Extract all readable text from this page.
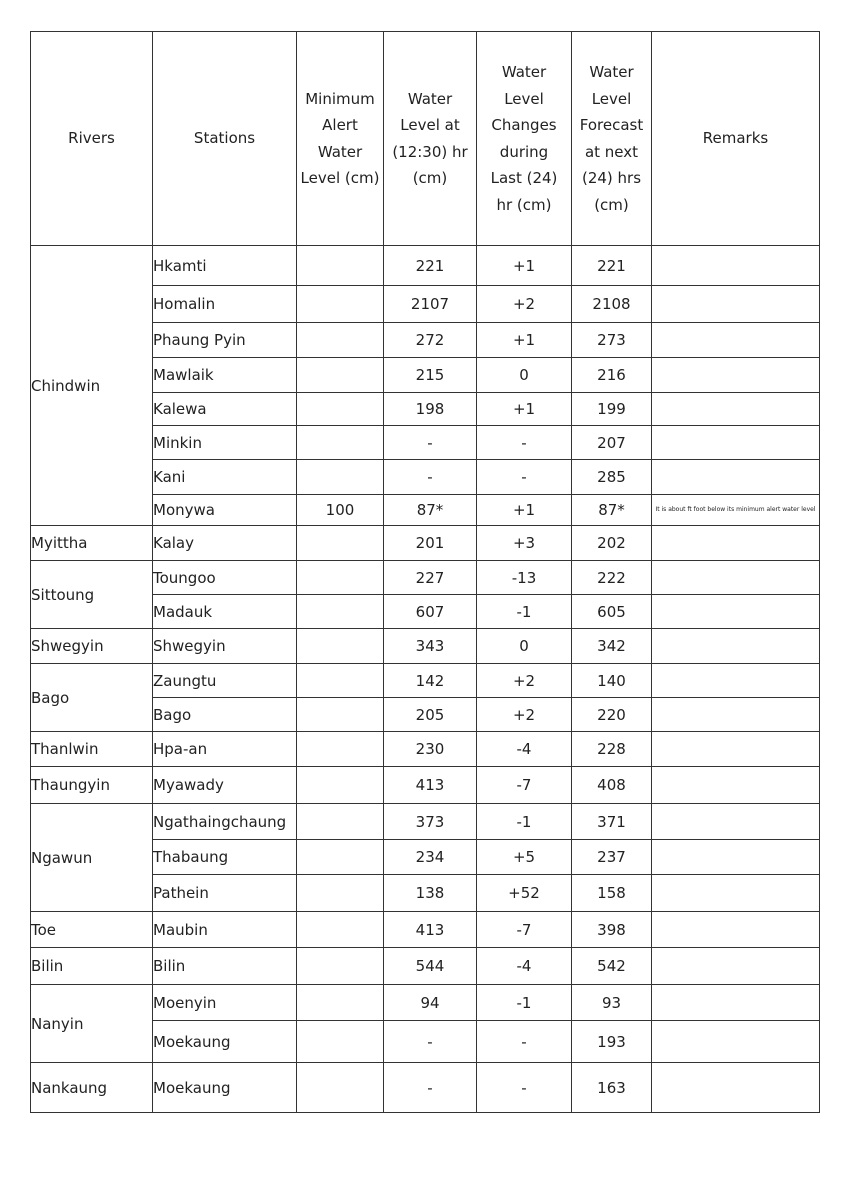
Rivers	Stations	Minimum Alert Water Level (cm)	Water Level at (12:30) hr (cm)	Water Level Changes during Last (24) hr (cm)	Water Level Forecast at next (24) hrs (cm)	Remarks
Chindwin	Hkamti		221	+1	221	
	Homalin		2107	+2	2108	
	Phaung Pyin		272	+1	273	
	Mawlaik		215	0	216	
	Kalewa		198	+1	199	
	Minkin		-	-	207	
	Kani		-	-	285	
	Monywa	100	87*	+1	87*	It is about ft foot below its minimum alert water level
Myittha	Kalay		201	+3	202	
Sittoung	Toungoo		227	-13	222	
	Madauk		607	-1	605	
Shwegyin	Shwegyin		343	0	342	
Bago	Zaungtu		142	+2	140	
	Bago		205	+2	220	
Thanlwin	Hpa-an		230	-4	228	
Thaungyin	Myawady		413	-7	408	
Ngawun	Ngathaingchaung		373	-1	371	
	Thabaung		234	+5	237	
	Pathein		138	+52	158	
Toe	Maubin		413	-7	398	
Bilin	Bilin		544	-4	542	
Nanyin	Moenyin		94	-1	93	
	Moekaung		-	-	193	
Nankaung	Moekaung		-	-	163	
